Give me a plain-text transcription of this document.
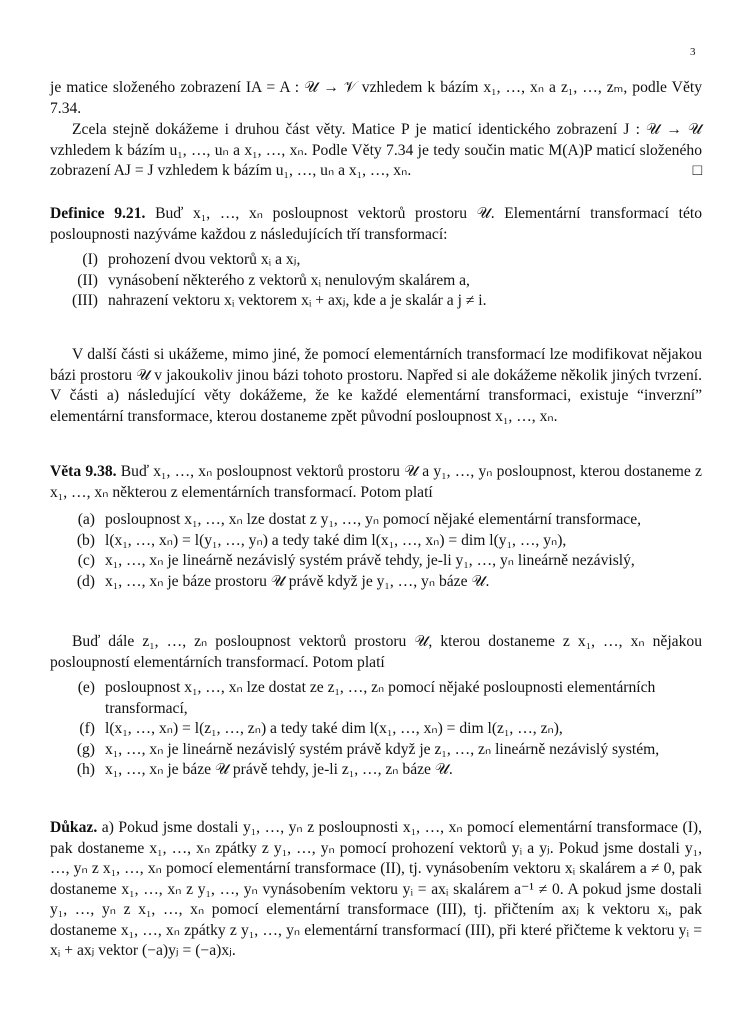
3

je matice složeného zobrazení IA = A : 𝒰 → 𝒱 vzhledem k bázím x₁, …, xₙ a z₁, …, zₘ, podle Věty 7.34.

Zcela stejně dokážeme i druhou část věty. Matice P je maticí identického zobrazení J : 𝒰 → 𝒰 vzhledem k bázím u₁, …, uₙ a x₁, …, xₙ. Podle Věty 7.34 je tedy součin matic M(A)P maticí složeného zobrazení AJ = J vzhledem k bázím u₁, …, uₙ a x₁, …, xₙ.	□

Definice 9.21. Buď x₁, …, xₙ posloupnost vektorů prostoru 𝒰. Elementární transformací této posloupnosti nazýváme každou z následujících tří transformací:

(I) prohození dvou vektorů xᵢ a xⱼ,
(II) vynásobení některého z vektorů xᵢ nenulovým skalárem a,
(III) nahrazení vektoru xᵢ vektorem xᵢ + axⱼ, kde a je skalár a j ≠ i.

V další části si ukážeme, mimo jiné, že pomocí elementárních transformací lze modifikovat nějakou bázi prostoru 𝒰 v jakoukoliv jinou bázi tohoto prostoru. Napřed si ale dokážeme několik jiných tvrzení. V části a) následující věty dokážeme, že ke každé elementární transformaci, existuje “inverzní” elementární transformace, kterou dostaneme zpět původní posloupnost x₁, …, xₙ.

Věta 9.38. Buď x₁, …, xₙ posloupnost vektorů prostoru 𝒰 a y₁, …, yₙ posloupnost, kterou dostaneme z x₁, …, xₙ některou z elementárních transformací. Potom platí

(a) posloupnost x₁, …, xₙ lze dostat z y₁, …, yₙ pomocí nějaké elementární transformace,
(b) l(x₁, …, xₙ) = l(y₁, …, yₙ) a tedy také dim l(x₁, …, xₙ) = dim l(y₁, …, yₙ),
(c) x₁, …, xₙ je lineárně nezávislý systém právě tehdy, je-li y₁, …, yₙ lineárně nezávislý,
(d) x₁, …, xₙ je báze prostoru 𝒰 právě když je y₁, …, yₙ báze 𝒰.

Buď dále z₁, …, zₙ posloupnost vektorů prostoru 𝒰, kterou dostaneme z x₁, …, xₙ nějakou posloupností elementárních transformací. Potom platí

(e) posloupnost x₁, …, xₙ lze dostat ze z₁, …, zₙ pomocí nějaké posloupnosti elementárních transformací,
(f) l(x₁, …, xₙ) = l(z₁, …, zₙ) a tedy také dim l(x₁, …, xₙ) = dim l(z₁, …, zₙ),
(g) x₁, …, xₙ je lineárně nezávislý systém právě když je z₁, …, zₙ lineárně nezávislý systém,
(h) x₁, …, xₙ je báze 𝒰 právě tehdy, je-li z₁, …, zₙ báze 𝒰.

Důkaz. a) Pokud jsme dostali y₁, …, yₙ z posloupnosti x₁, …, xₙ pomocí elementární transformace (I), pak dostaneme x₁, …, xₙ zpátky z y₁, …, yₙ pomocí prohození vektorů yᵢ a yⱼ. Pokud jsme dostali y₁, …, yₙ z x₁, …, xₙ pomocí elementární transformace (II), tj. vynásobením vektoru xᵢ skalárem a ≠ 0, pak dostaneme x₁, …, xₙ z y₁, …, yₙ vynásobením vektoru yᵢ = axᵢ skalárem a⁻¹ ≠ 0. A pokud jsme dostali y₁, …, yₙ z x₁, …, xₙ pomocí elementární transformace (III), tj. přičtením axⱼ k vektoru xᵢ, pak dostaneme x₁, …, xₙ zpátky z y₁, …, yₙ elementární transformací (III), při které přičteme k vektoru yᵢ = xᵢ + axⱼ vektor (−a)yⱼ = (−a)xⱼ.
